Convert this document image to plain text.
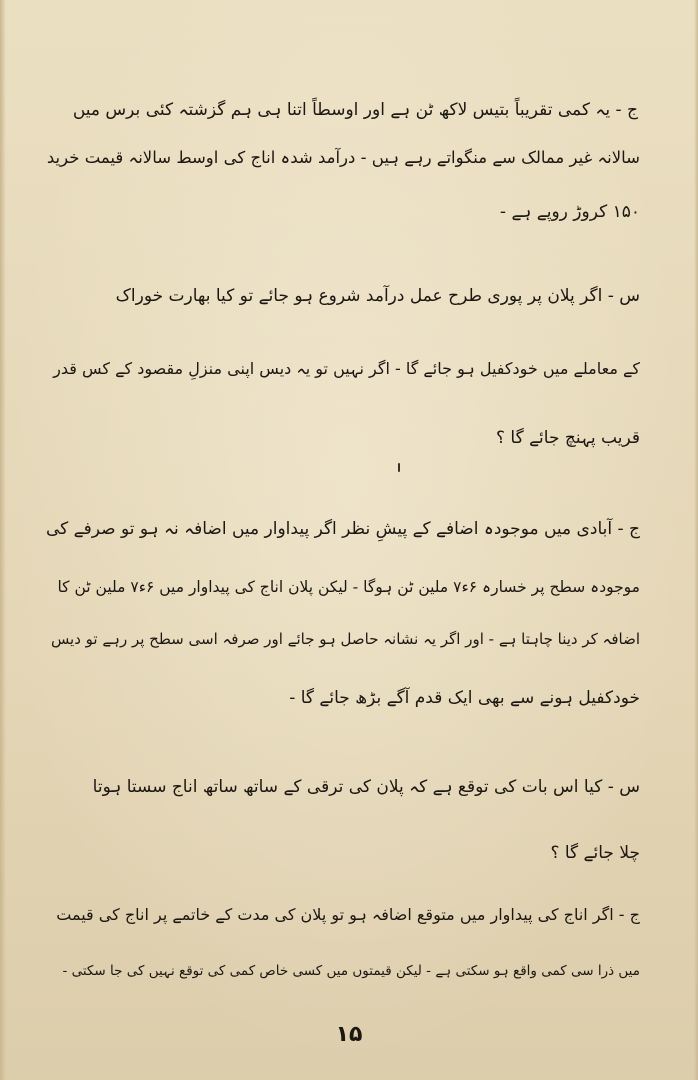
ج - یہ کمی تقریباً بتیس لاکھ ٹن ہے اور اوسطاً اتنا ہی ہم گزشتہ کئی برس میں
سالانہ غیر ممالک سے منگواتے رہے ہیں - درآمد شدہ اناج کی اوسط سالانہ قیمت خرید
۱۵۰ کروڑ روپے ہے -
س - اگر پلان پر پوری طرح عمل درآمد شروع ہو جائے تو کیا بھارت خوراک
کے معاملے میں خودکفیل ہو جائے گا - اگر نہیں تو یہ دیس اپنی منزلِ مقصود کے کس قدر
قریب پہنچ جائے گا ؟
ج - آبادی میں موجودہ اضافے کے پیشِ نظر اگر پیداوار میں اضافہ نہ ہو تو صرفے کی
موجودہ سطح پر خسارہ ۶ء۷ ملین ٹن ہوگا - لیکن پلان اناج کی پیداوار میں ۶ء۷ ملین ٹن کا
اضافہ کر دینا چاہتا ہے - اور اگر یہ نشانہ حاصل ہو جائے اور صرفہ اسی سطح پر رہے تو دیس
خودکفیل ہونے سے بھی ایک قدم آگے بڑھ جائے گا -
س - کیا اس بات کی توقع ہے کہ پلان کی ترقی کے ساتھ ساتھ اناج سستا ہوتا
چلا جائے گا ؟
ج - اگر اناج کی پیداوار میں متوقع اضافہ ہو تو پلان کی مدت کے خاتمے پر اناج کی قیمت
میں ذرا سی کمی واقع ہو سکتی ہے - لیکن قیمتوں میں کسی خاص کمی کی توقع نہیں کی جا سکتی -
۱۵
